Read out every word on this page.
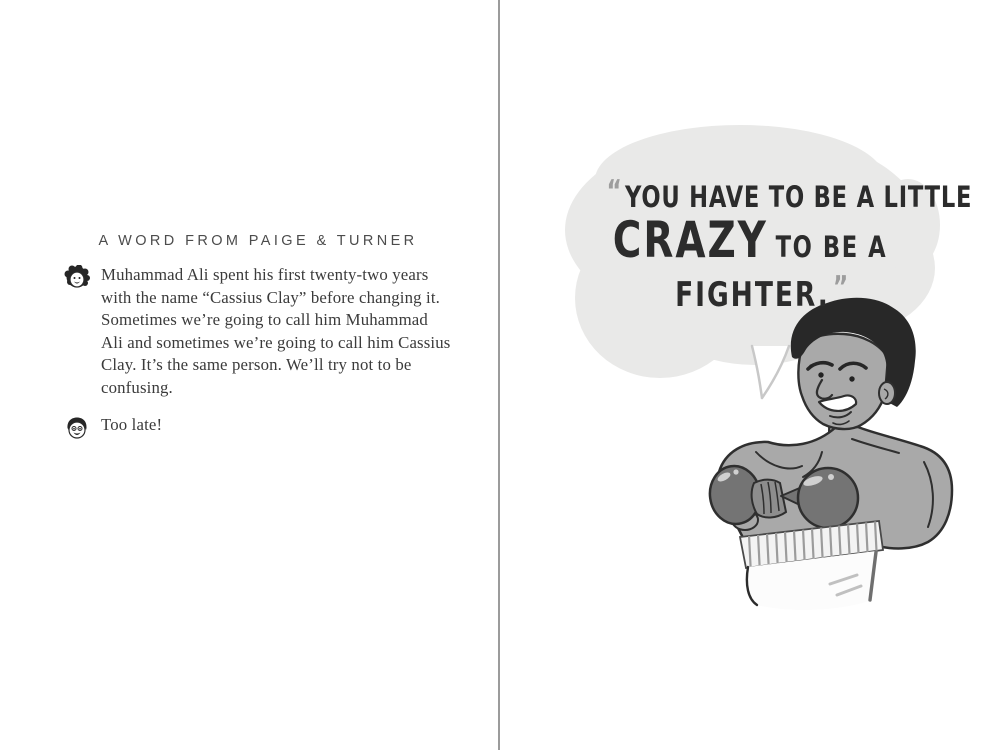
A WORD FROM PAIGE & TURNER
Muhammad Ali spent his first twenty-two years with the name “Cassius Clay” before changing it. Sometimes we’re going to call him Muhammad Ali and sometimes we’re going to call him Cassius Clay. It’s the same person. We’ll try not to be confusing.
Too late!
“ YOU HAVE TO BE A LITTLE
CRAZY TO BE A
FIGHTER. ”
